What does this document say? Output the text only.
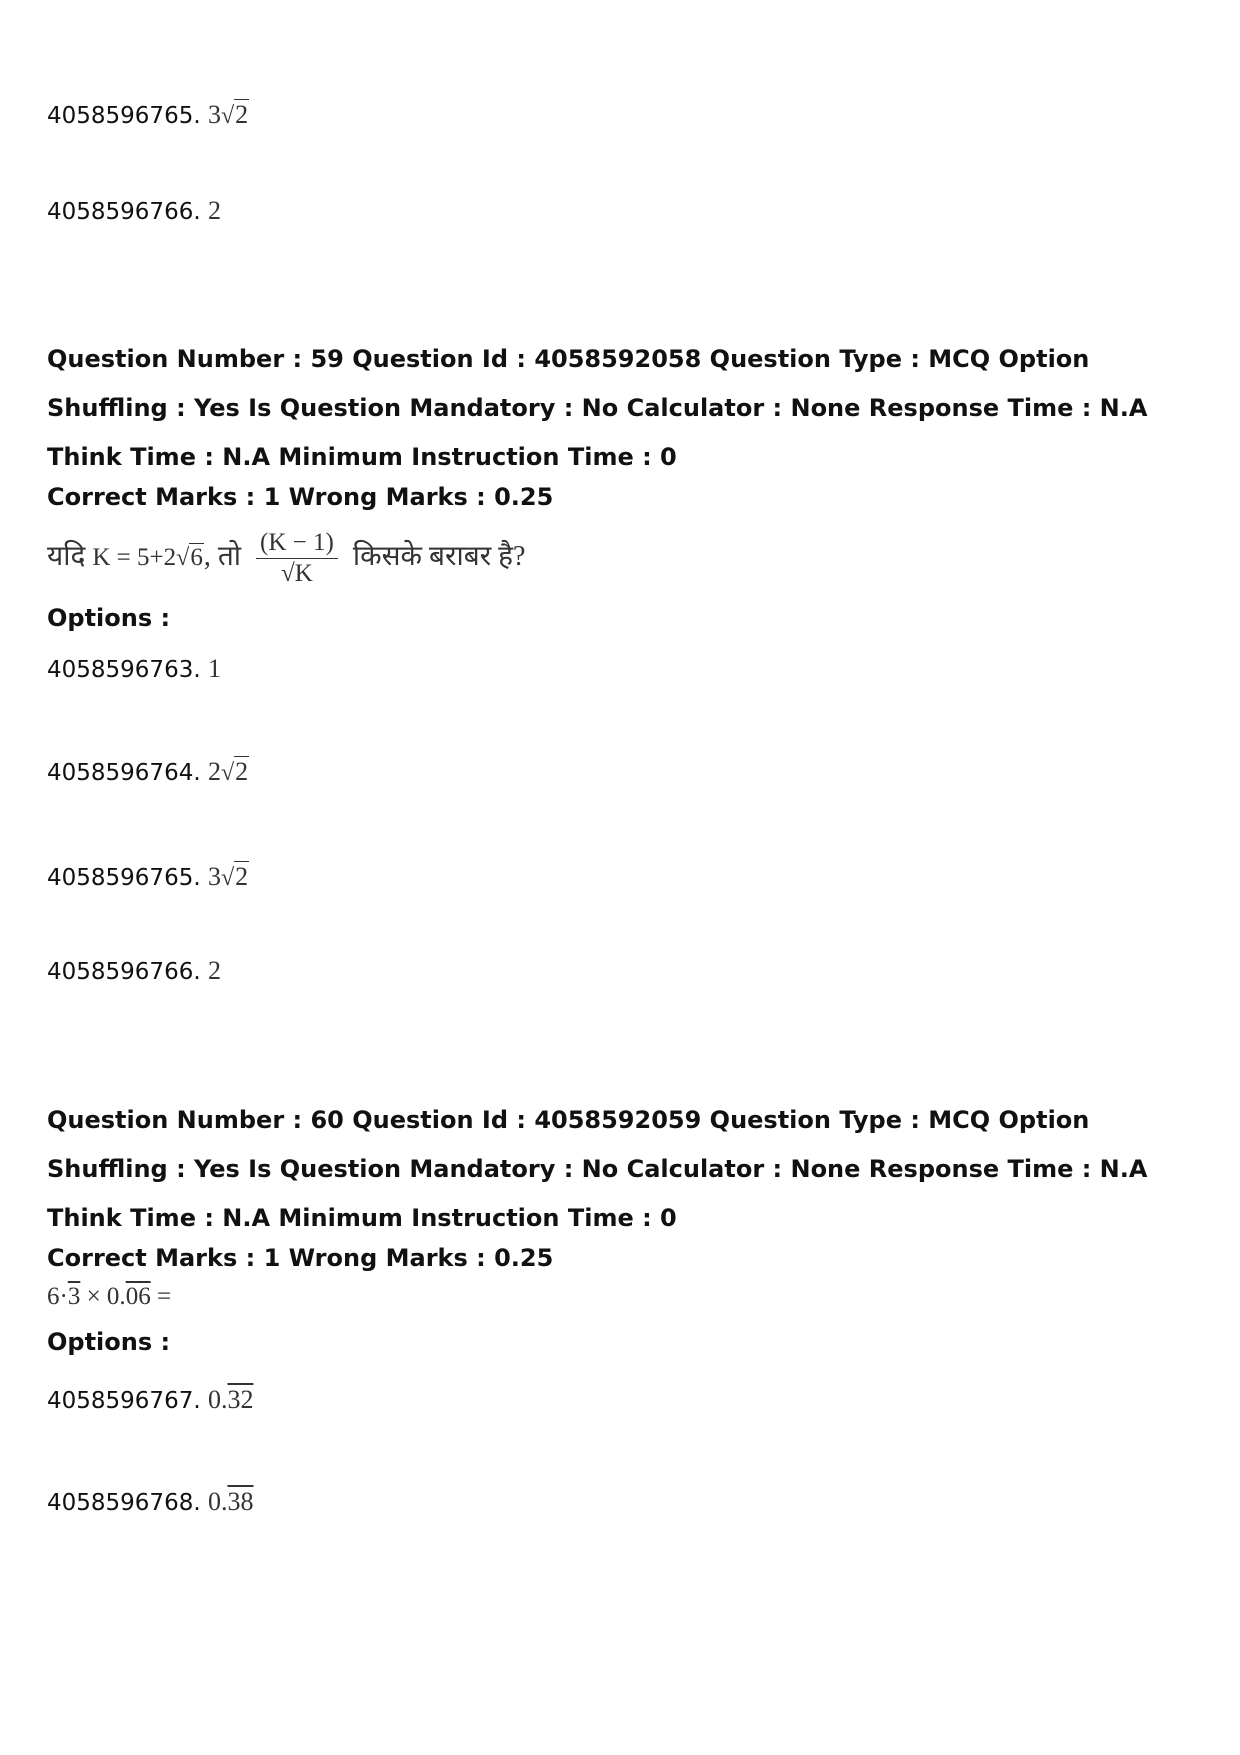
4058596765. 3√2
4058596766. 2
Question Number : 59 Question Id : 4058592058 Question Type : MCQ Option Shuffling : Yes Is Question Mandatory : No Calculator : None Response Time : N.A Think Time : N.A Minimum Instruction Time : 0
Correct Marks : 1 Wrong Marks : 0.25
यदि K = 5+2√6, तो $\frac{(K - 1)}{√K}$ किसके बराबर है?
Options :
4058596763. 1
4058596764. 2√2
4058596765. 3√2
4058596766. 2
Question Number : 60 Question Id : 4058592059 Question Type : MCQ Option Shuffling : Yes Is Question Mandatory : No Calculator : None Response Time : N.A Think Time : N.A Minimum Instruction Time : 0
Correct Marks : 1 Wrong Marks : 0.25
6·3 × 0.06 =
Options :
4058596767. 0.32
4058596768. 0.38
